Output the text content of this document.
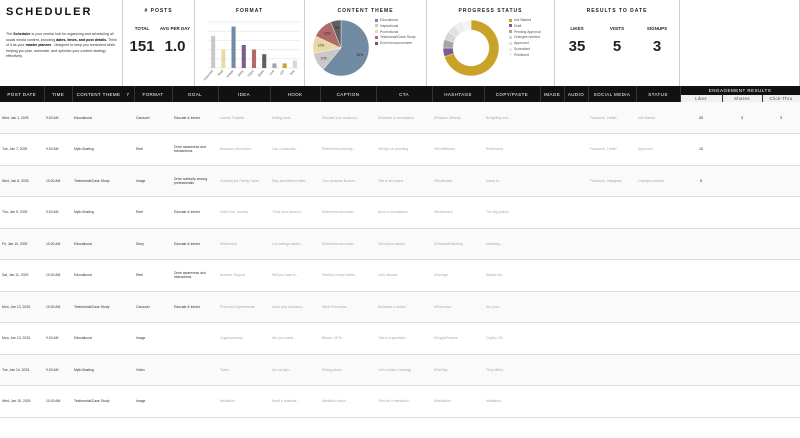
SCHEDULER

The Scheduler is your central hub for organizing and scheduling all social media content, including dates, times, and post details. Think of it as your master planner - designed to keep you consistent while helping you plan, automate, and optimize your content strategy effectively.

# POSTS
TOTAL	AVG PER DAY
151 1.0
FORMAT
Carousel Reel Image Story Video Static Live GIF Text
CONTENT THEME
61%
11%
10%
12%
6%
Educational
Inspirational
Promotional
Testimonial/Case Study
Event Announcement
PROGRESS STATUS
Not Started
Draft
Pending Approval
Changes needed
Approved
Scheduled
Published
RESULTS TO DATE
LIKES	VISITS	SIGNUPS
35	5	3
POST DATE	TIME	CONTENT THEME 7	FORMAT	GOAL	IDEA	HOOK	CAPTION	CTA	HASHTAGS	COPY/PASTE	IMAGE	AUDIO	SOCIAL MEDIA	STATUS	ENGAGEMENT RESULTS		
															Likes	Shares	Click-Thru
Wed, Jan 1, 2025	9:00 AM	Educational	Carousel	Educate & Inform	Launch Polyette	Selling tools...	Educate your audience...	Schedule a consultation	#Finance #Money	Budgeting and...			Facebook, Twitter	Not Started	20	3	3
Tue, Jan 7, 2025	9:00 AM	Myth-Busting	Reel	Drive awareness and transactions	Business Generation	Can a business...	Retirement planning...	Get tips on planning	#SmartMoney	Retirement...			Facebook, Twitter	Approved	10		
Wed, Jan 8, 2025	10:00 AM	Testimonial/Case Study	Image	Drive authority among professionals	Growing the Family Home	Why are interest rates...	Your personal finance...	Talk to an expert	#RealEstate	Invest in...			Facebook, Instagram	Changes needed	5		
Thu, Jan 9, 2025	9:00 AM	Myth-Busting	Reel	Educate & Inform	Debt-Free Journey	Think your pension...	Retirement accounts...	Book a consultation	#Retirement	The big picture...							
Fri, Jan 10, 2025	10:00 AM	Educational	Story	Educate & Inform	Retirement	Cut savings habits...	Retirement accounts...	Get expert advice	#FinancialPlanning	Investing...							
Sat, Jan 11, 2025	10:00 AM	Educational	Reel	Drive awareness and interactions	Account Support	Will you have to...	Healthy money habits...	Let's discuss	#Savings	What's the...							
Mon, Jan 13, 2025	10:00 AM	Testimonial/Case Study	Carousel	Educate & Inform	Promotion Agreements	Does your business...	What Promotion...	Schedule a review	#Promotion	Are your...							
Mon, Jan 13, 2025	9:00 AM	Educational	Image		Cryptocurrency	Are you ready...	Bitcoin, NFTs...	Talk to a specialist	#CryptoFinance	Crypto 101...							
Tue, Jan 14, 2025	9:00 AM	Myth-Busting	Video		Taxes	Are tax tips...	Rising prices...	Let's create a strategy	#TaxTips	They affect...							
Wed, Jan 15, 2025	10:00 AM	Testimonial/Case Study	Image		Mediation	Need a financial...	Mediation helps...	Find out if mediation...	#Mediation	Mediation...							
